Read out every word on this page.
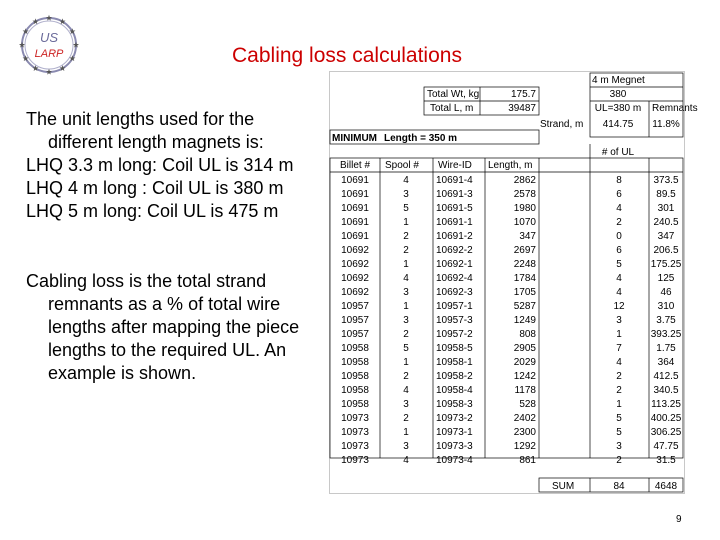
US
LARP	Cabling loss calculations
The unit lengths used for the
different length magnets is:
LHQ 3.3 m long: Coil UL is 314 m
LHQ 4 m long : Coil UL is 380 m
LHQ 5 m long: Coil UL is 475 m
Cabling loss is the total strand
remnants as a % of total wire
lengths after mapping the piece
lengths to the required UL. An
example is shown.
Total Wt, kg	175.7
Total L, m	39487
4 m Megnet
380
Strand, m 414.75
UL=380 m Remnants
11.8%
MINIMUM Length = 350 m
# of UL
Billet # Spool # Wire-ID Length, m
10691	4	10691-4	2862	8	373.5
10691	3	10691-3	2578	6	89.5
10691	5	10691-5	1980	4	301
10691	1	10691-1	1070	2	240.5
10691	2	10691-2	347	0	347
10692	2	10692-2	2697	6	206.5
10692	1	10692-1	2248	5	175.25
10692	4	10692-4	1784	4	125
10692	3	10692-3	1705	4	46
10957	1	10957-1	5287	12	310
10957	3	10957-3	1249	3	3.75
10957	2	10957-2	808	1	393.25
10958	5	10958-5	2905	7	1.75
10958	1	10958-1	2029	4	364
10958	2	10958-2	1242	2	412.5
10958	4	10958-4	1178	2	340.5
10958	3	10958-3	528	1	113.25
10973	2	10973-2	2402	5	400.25
10973	1	10973-1	2300	5	306.25
10973	3	10973-3	1292	3	47.75
10973	4	10973-4	861	2	31.5
SUM	84	4648
9
